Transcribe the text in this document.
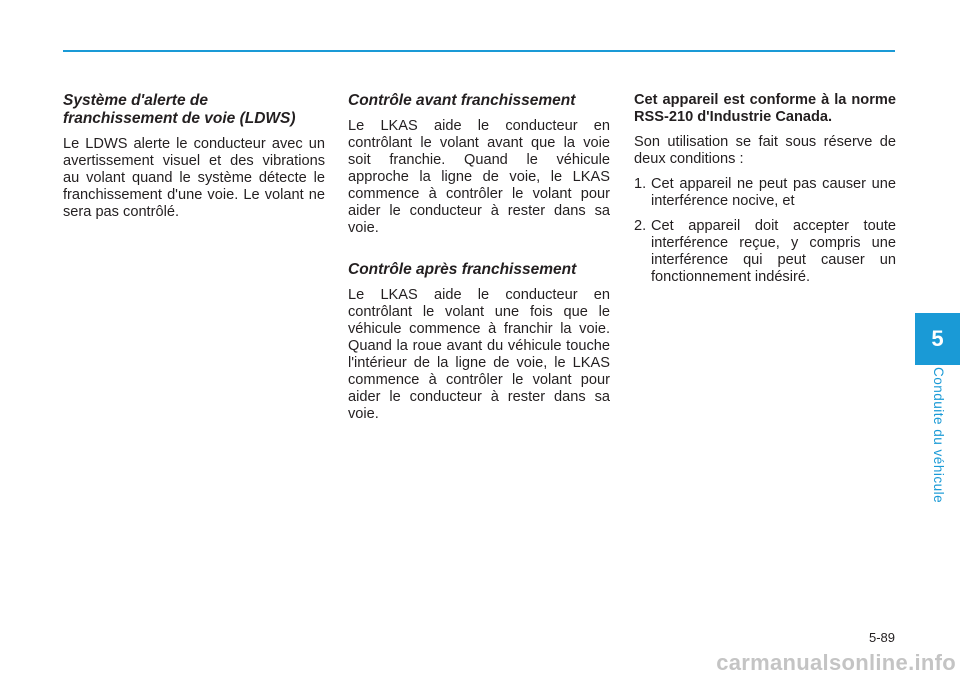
Système d'alerte de franchissement de voie (LDWS)

Le LDWS alerte le conducteur avec un avertissement visuel et des vibrations au volant quand le système détecte le franchissement d'une voie. Le volant ne sera pas contrôlé.

Contrôle avant franchissement

Le LKAS aide le conducteur en contrôlant le volant avant que la voie soit franchie. Quand le véhicule approche la ligne de voie, le LKAS commence à contrôler le volant pour aider le conducteur à rester dans sa voie.

Contrôle après franchissement

Le LKAS aide le conducteur en contrôlant le volant une fois que le véhicule commence à franchir la voie. Quand la roue avant du véhicule touche l'intérieur de la ligne de voie, le LKAS commence à contrôler le volant pour aider le conducteur à rester dans sa voie.

Cet appareil est conforme à la norme RSS-210 d'Industrie Canada.

Son utilisation se fait sous réserve de deux conditions :

1. Cet appareil ne peut pas causer une interférence nocive, et
2. Cet appareil doit accepter toute interférence reçue, y compris une interférence qui peut causer un fonctionnement indésiré.
5
Conduite du véhicule
5-89
carmanualsonline.info
